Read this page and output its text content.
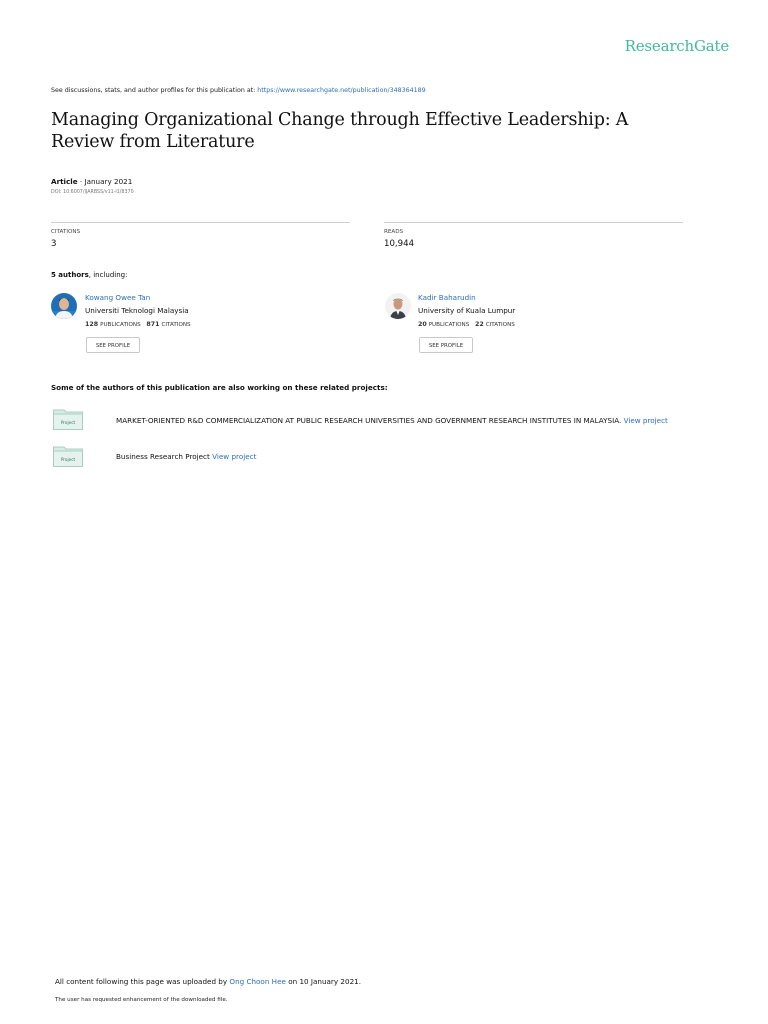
ResearchGate
See discussions, stats, and author profiles for this publication at: https://www.researchgate.net/publication/348364189
Managing Organizational Change through Effective Leadership: A Review from Literature
Article · January 2021
DOI: 10.6007/IJARBSS/v11-i1/8370
CITATIONS
3
READS
10,944
5 authors, including:
Kowang Owee Tan
Universiti Teknologi Malaysia
128 PUBLICATIONS 871 CITATIONS
SEE PROFILE
Kadir Baharudin
University of Kuala Lumpur
20 PUBLICATIONS 22 CITATIONS
SEE PROFILE
Some of the authors of this publication are also working on these related projects:
Project	MARKET-ORIENTED R&D COMMERCIALIZATION AT PUBLIC RESEARCH UNIVERSITIES AND GOVERNMENT RESEARCH INSTITUTES IN MALAYSIA. View project
Project	Business Research Project View project
All content following this page was uploaded by Ong Choon Hee on 10 January 2021.
The user has requested enhancement of the downloaded file.
